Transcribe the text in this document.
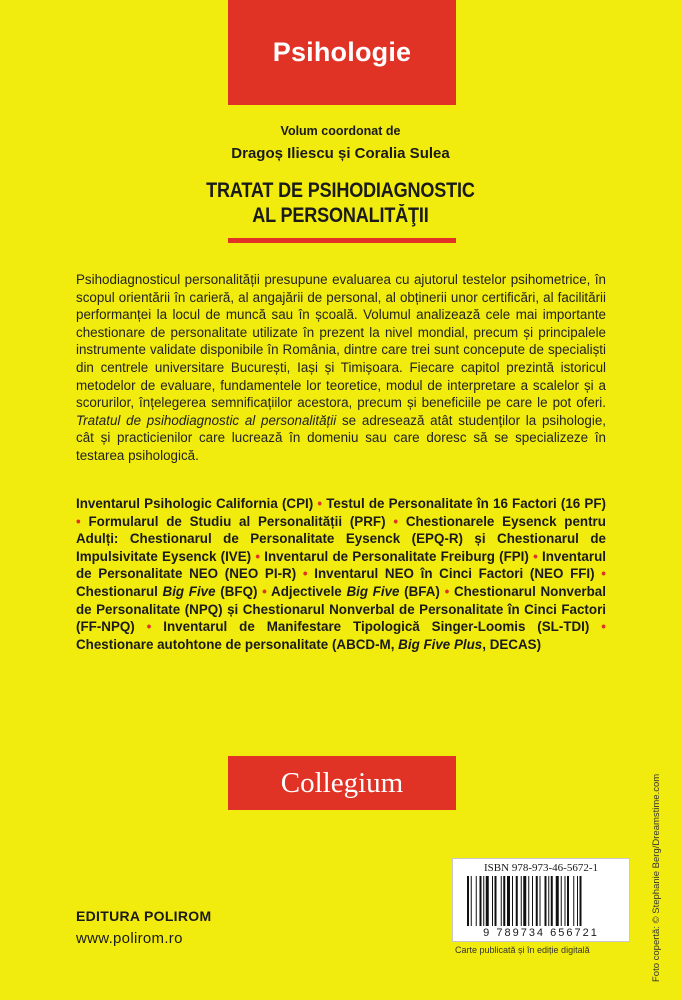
Psihologie
Volum coordonat de
Dragoș Iliescu și Coralia Sulea
TRATAT DE PSIHODIAGNOSTIC
AL PERSONALITĂŢII
Psihodiagnosticul personalității presupune evaluarea cu ajutorul testelor psihometrice, în scopul orientării în carieră, al angajării de personal, al obținerii unor certificări, al facilitării performanței la locul de muncă sau în școală. Volumul analizează cele mai importante chestionare de personalitate utilizate în prezent la nivel mondial, precum și principalele instrumente validate disponibile în România, dintre care trei sunt concepute de specialiști din centrele universitare București, Iași și Timișoara. Fiecare capitol prezintă istoricul metodelor de evaluare, fundamentele lor teoretice, modul de interpretare a scalelor și a scorurilor, înțelegerea semnificațiilor acestora, precum și beneficiile pe care le pot oferi. Tratatul de psihodiagnostic al personalității se adresează atât studenților la psihologie, cât și practicienilor care lucrează în domeniu sau care doresc să se specializeze în testarea psihologică.
Inventarul Psihologic California (CPI) • Testul de Personalitate în 16 Factori (16 PF) • Formularul de Studiu al Personalității (PRF) • Chestionarele Eysenck pentru Adulți: Chestionarul de Personalitate Eysenck (EPQ-R) și Chestionarul de Impulsivitate Eysenck (IVE) • Inventarul de Personalitate Freiburg (FPI) • Inventarul de Personalitate NEO (NEO PI-R) • Inventarul NEO în Cinci Factori (NEO FFI) • Chestionarul Big Five (BFQ) • Adjectivele Big Five (BFA) • Chestionarul Nonverbal de Personalitate (NPQ) și Chestionarul Nonverbal de Personalitate în Cinci Factori (FF-NPQ) • Inventarul de Manifestare Tipologică Singer-Loomis (SL-TDI) • Chestionare autohtone de personalitate (ABCD-M, Big Five Plus, DECAS)
Collegium
EDITURA POLIROM
www.polirom.ro
ISBN 978-973-46-5672-1
9 789734 656721
Carte publicată și în ediție digitală	Foto copertă: © Stephanie Berg/Dreamstime.com
